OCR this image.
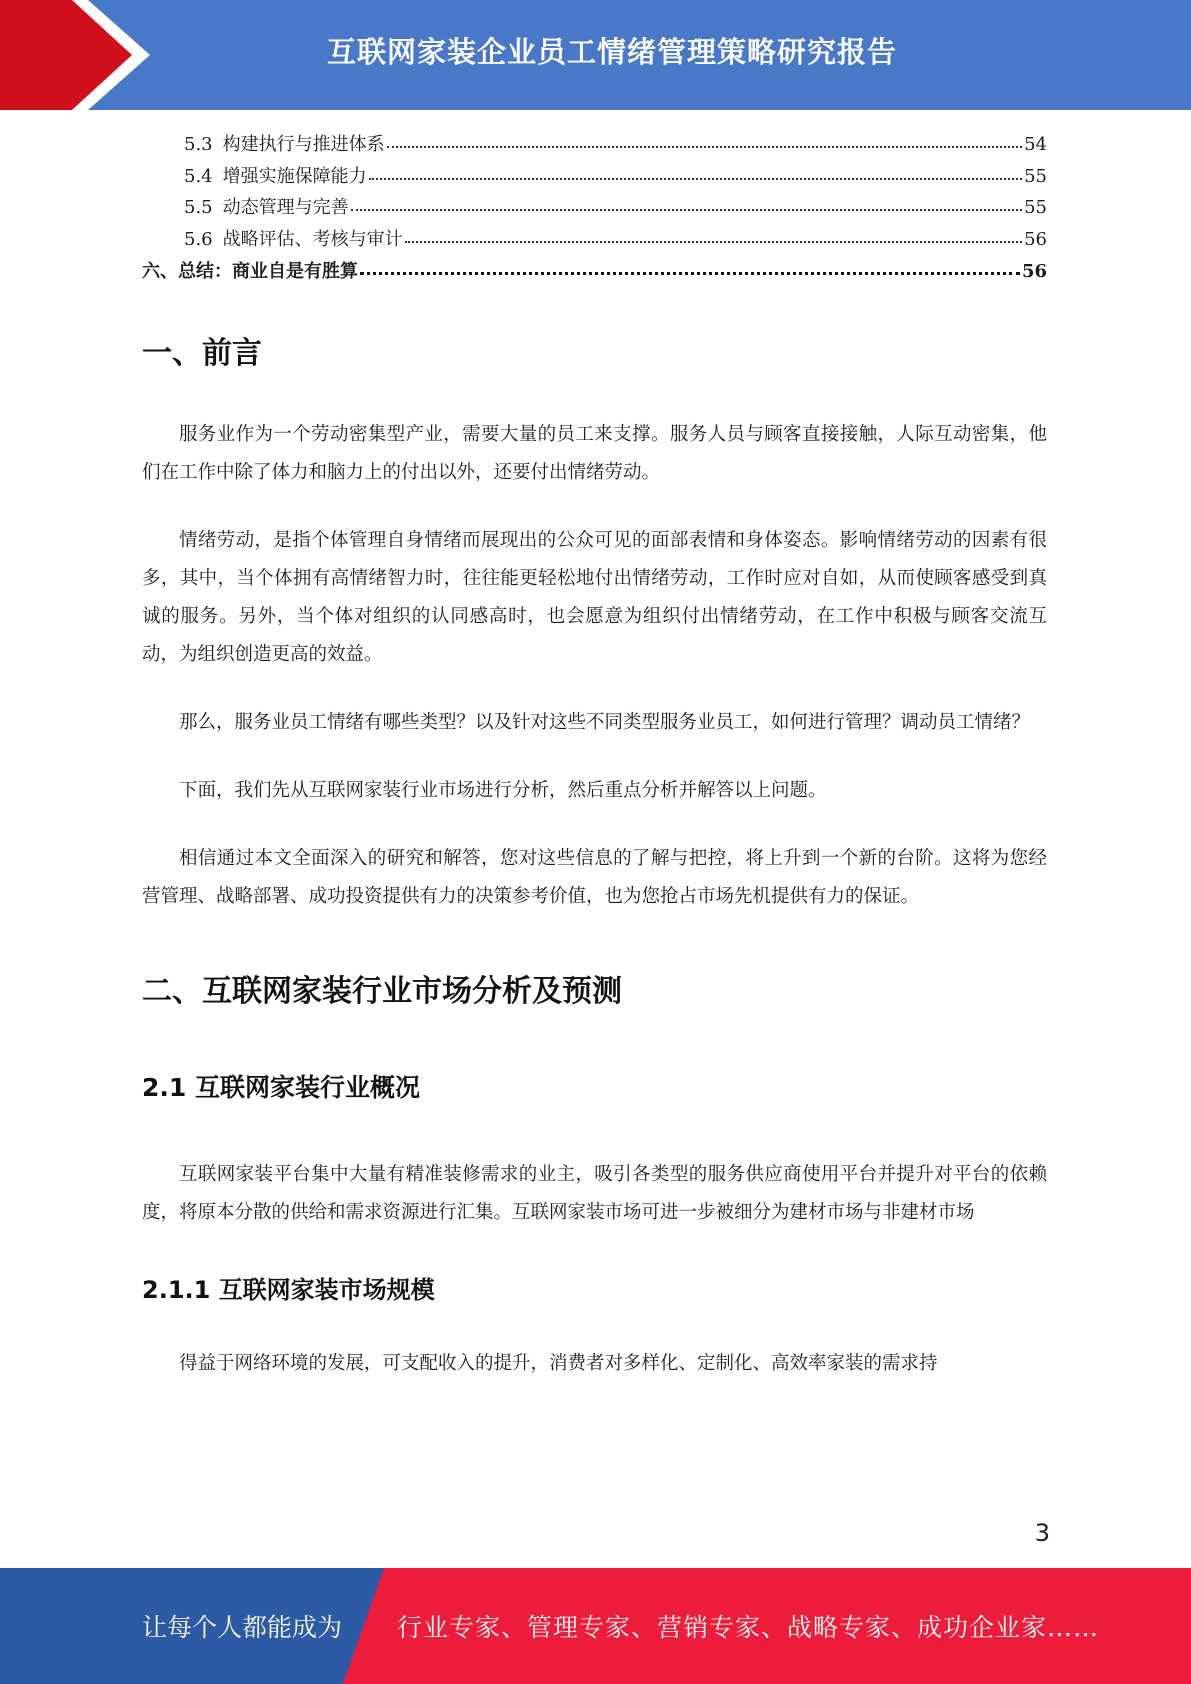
互联网家装企业员工情绪管理策略研究报告
5.3 构建执行与推进体系	54
5.4 增强实施保障能力	55
5.5 动态管理与完善	55
5.6 战略评估、考核与审计	56
六、总结：商业自是有胜算	56
一、前言

服务业作为一个劳动密集型产业，需要大量的员工来支撑。服务人员与顾客直接接触，人际互动密集，他们在工作中除了体力和脑力上的付出以外，还要付出情绪劳动。

情绪劳动，是指个体管理自身情绪而展现出的公众可见的面部表情和身体姿态。影响情绪劳动的因素有很多，其中，当个体拥有高情绪智力时，往往能更轻松地付出情绪劳动，工作时应对自如，从而使顾客感受到真诚的服务。另外，当个体对组织的认同感高时，也会愿意为组织付出情绪劳动，在工作中积极与顾客交流互动，为组织创造更高的效益。

那么，服务业员工情绪有哪些类型？以及针对这些不同类型服务业员工，如何进行管理？调动员工情绪？

下面，我们先从互联网家装行业市场进行分析，然后重点分析并解答以上问题。

相信通过本文全面深入的研究和解答，您对这些信息的了解与把控，将上升到一个新的台阶。这将为您经营管理、战略部署、成功投资提供有力的决策参考价值，也为您抢占市场先机提供有力的保证。

二、互联网家装行业市场分析及预测
2.1 互联网家装行业概况

互联网家装平台集中大量有精准装修需求的业主，吸引各类型的服务供应商使用平台并提升对平台的依赖度，将原本分散的供给和需求资源进行汇集。互联网家装市场可进一步被细分为建材市场与非建材市场

2.1.1 互联网家装市场规模

得益于网络环境的发展，可支配收入的提升，消费者对多样化、定制化、高效率家装的需求持

3
让每个人都能成为 行业专家、管理专家、营销专家、战略专家、成功企业家……
